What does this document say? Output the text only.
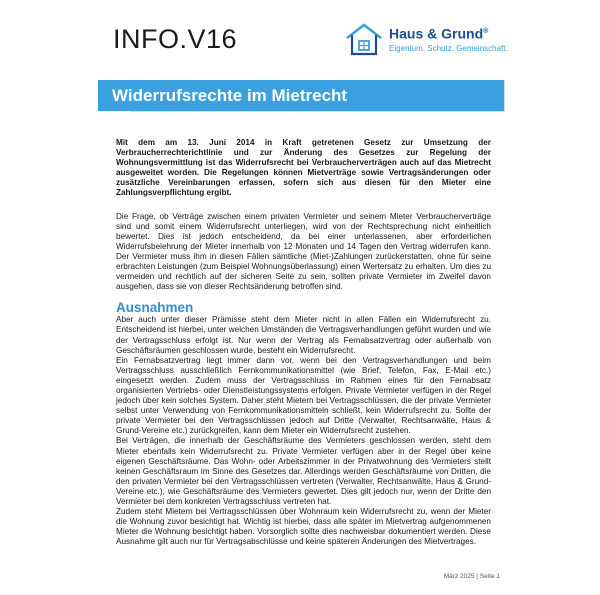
INFO.V16	Haus & Grund®
Eigentum. Schutz. Gemeinschaft.
Widerrufsrechte im Mietrecht

Mit dem am 13. Juni 2014 in Kraft getretenen Gesetz zur Umsetzung der Verbraucherrechterichtlinie und zur Änderung des Gesetzes zur Regelung der Wohnungsvermittlung ist das Widerrufsrecht bei Verbraucherverträgen auch auf das Mietrecht ausgeweitet worden. Die Regelungen können Mietverträge sowie Vertragsänderungen oder zusätzliche Vereinbarungen erfassen, sofern sich aus diesen für den Mieter eine Zahlungsverpflichtung ergibt.

Die Frage, ob Verträge zwischen einem privaten Vermieter und seinem Mieter Verbraucherverträge sind und somit einem Widerrufsrecht unterliegen, wird von der Rechtsprechung nicht einheitlich bewertet. Dies ist jedoch entscheidend, da bei einer unterlassenen, aber erforderlichen Widerrufsbelehrung der Mieter innerhalb von 12 Monaten und 14 Tagen den Vertrag widerrufen kann. Der Vermieter muss ihm in diesen Fällen sämtliche (Miet-)Zahlungen zurückerstatten, ohne für seine erbrachten Leistungen (zum Beispiel Wohnungsüberlassung) einen Wertersatz zu erhalten. Um dies zu vermeiden und rechtlich auf der sicheren Seite zu sein, sollten private Vermieter im Zweifel davon ausgehen, dass sie von dieser Rechtsänderung betroffen sind.

Ausnahmen

Aber auch unter dieser Prämisse steht dem Mieter nicht in allen Fällen ein Widerrufsrecht zu. Entscheidend ist hierbei, unter welchen Umständen die Vertragsverhandlungen geführt wurden und wie der Vertragsschluss erfolgt ist. Nur wenn der Vertrag als Fernabsatzvertrag oder außerhalb von Geschäftsräumen geschlossen wurde, besteht ein Widerrufsrecht.

Ein Fernabsatzvertrag liegt immer dann vor, wenn bei den Vertragsverhandlungen und beim Vertragsschluss ausschließlich Fernkommunikationsmittel (wie Brief, Telefon, Fax, E-Mail etc.) eingesetzt werden. Zudem muss der Vertragsschluss im Rahmen eines für den Fernabsatz organisierten Vertriebs- oder Dienstleistungssystems erfolgen. Private Vermieter verfügen in der Regel jedoch über kein solches System. Daher steht Mietern bei Vertragsschlüssen, die der private Vermieter selbst unter Verwendung von Fernkommunikationsmitteln schließt, kein Widerrufsrecht zu. Sollte der private Vermieter bei den Vertragsschlüssen jedoch auf Dritte (Verwalter, Rechtsanwälte, Haus & Grund-Vereine etc.) zurückgreifen, kann dem Mieter ein Widerrufsrecht zustehen.

Bei Verträgen, die innerhalb der Geschäftsräume des Vermieters geschlossen werden, steht dem Mieter ebenfalls kein Widerrufsrecht zu. Private Vermieter verfügen aber in der Regel über keine eigenen Geschäftsräume. Das Wohn- oder Arbeitszimmer in der Privatwohnung des Vermieters stellt keinen Geschäftsraum im Sinne des Gesetzes dar. Allerdings werden Geschäftsräume von Dritten, die den privaten Vermieter bei den Vertragsschlüssen vertreten (Verwalter, Rechtsanwälte, Haus & Grund-Vereine etc.), wie Geschäftsräume des Vermieters gewertet. Dies gilt jedoch nur, wenn der Dritte den Vermieter bei dem konkreten Vertragsschluss vertreten hat.

Zudem steht Mietern bei Vertragsschlüssen über Wohnraum kein Widerrufsrecht zu, wenn der Mieter die Wohnung zuvor besichtigt hat. Wichtig ist hierbei, dass alle später im Mietvertrag aufgenommenen Mieter die Wohnung besichtigt haben. Vorsorglich sollte dies nachweisbar dokumentiert werden. Diese Ausnahme gilt auch nur für Vertragsabschlüsse und keine späteren Änderungen des Mietvertrages.

März 2025 | Seite 1
